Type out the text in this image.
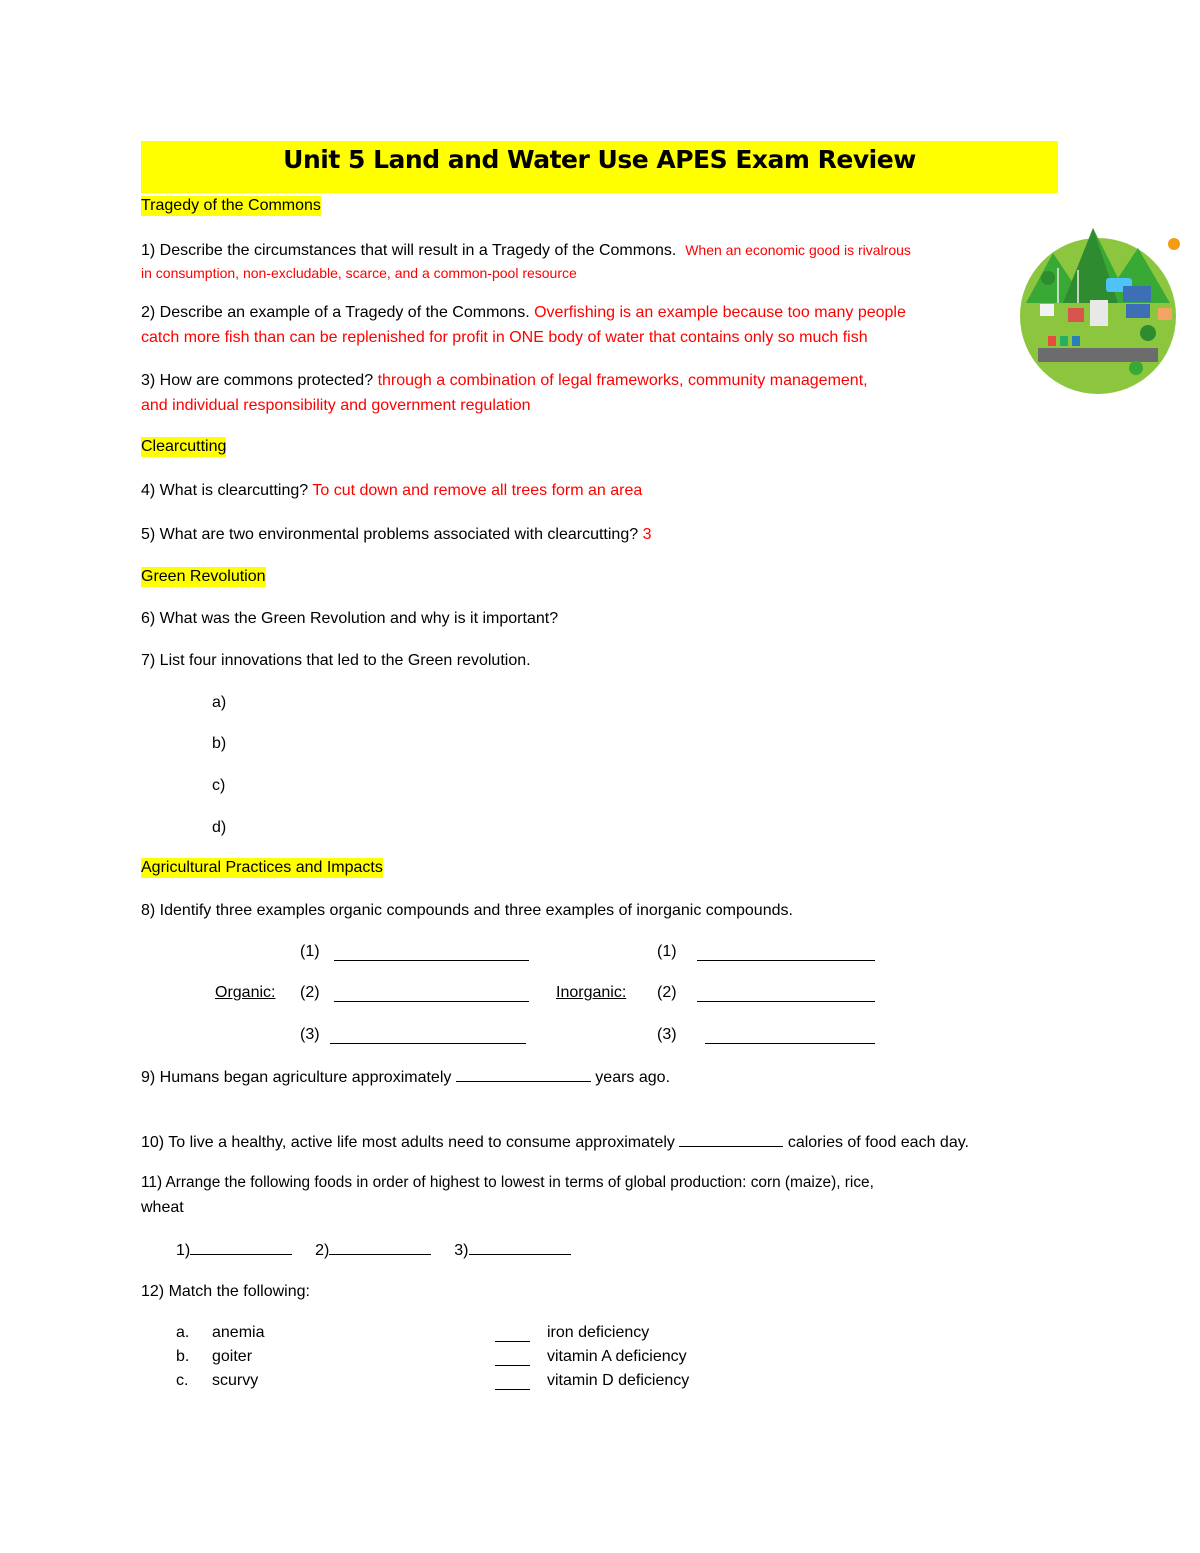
Unit 5 Land and Water Use APES Exam Review
Tragedy of the Commons
1) Describe the circumstances that will result in a Tragedy of the Commons. When an economic good is rivalrous
in consumption, non-excludable, scarce, and a common-pool resource
2) Describe an example of a Tragedy of the Commons. Overfishing is an example because too many people
catch more fish than can be replenished for profit in ONE body of water that contains only so much fish
3) How are commons protected? through a combination of legal frameworks, community management,
and individual responsibility and government regulation
Clearcutting
4) What is clearcutting? To cut down and remove all trees form an area
5) What are two environmental problems associated with clearcutting? 3
Green Revolution
6) What was the Green Revolution and why is it important?
7) List four innovations that led to the Green revolution.
a)
b)
c)
d)
Agricultural Practices and Impacts
8) Identify three examples organic compounds and three examples of inorganic compounds.
(1)	(1)
Organic: (2)	Inorganic: (2)
(3)	(3)
9) Humans began agriculture approximately	years ago.
10) To live a healthy, active life most adults need to consume approximately	calories of food each day.
11) Arrange the following foods in order of highest to lowest in terms of global production: corn (maize), rice,
wheat
1)	2)	3)
12) Match the following:
a. anemia	iron deficiency
b. goiter	vitamin A deficiency
c. scurvy	vitamin D deficiency
